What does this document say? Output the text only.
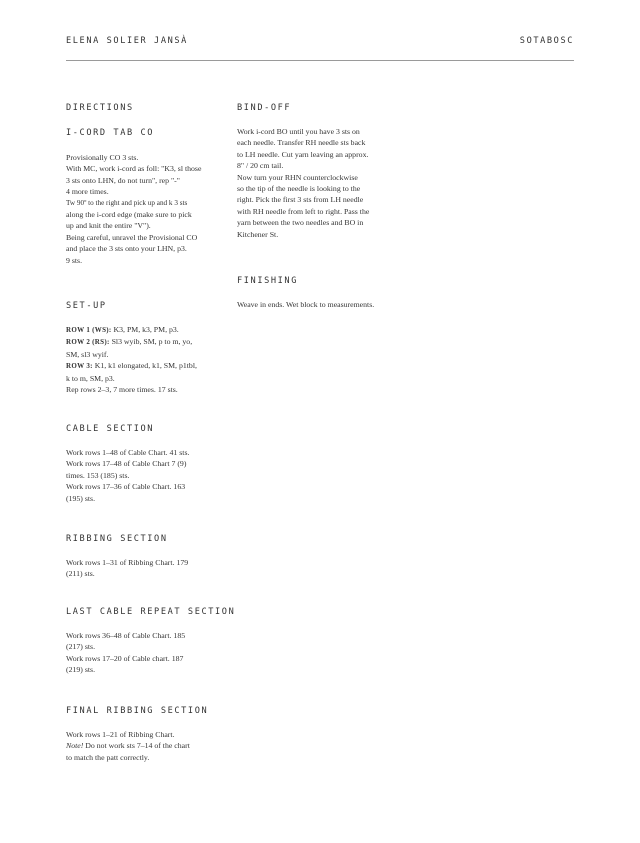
ELENA SOLIER JANSÀ	SOTABOSC
DIRECTIONS
I-CORD TAB CO
Provisionally CO 3 sts.
With MC, work i-cord as foll: "K3, sl those
3 sts onto LHN, do not turn", rep "-"
4 more times.
Tw 90º to the right and pick up and k 3 sts
along the i-cord edge (make sure to pick
up and knit the entire "V").
Being careful, unravel the Provisional CO
and place the 3 sts onto your LHN, p3.
9 sts.
SET-UP
ROW 1 (WS): K3, PM, k3, PM, p3.
ROW 2 (RS): Sl3 wyib, SM, p to m, yo,
SM, sl3 wyif.
ROW 3: K1, k1 elongated, k1, SM, p1tbl,
k to m, SM, p3.
Rep rows 2–3, 7 more times. 17 sts.
CABLE SECTION
Work rows 1–48 of Cable Chart. 41 sts.
Work rows 17–48 of Cable Chart 7 (9)
times. 153 (185) sts.
Work rows 17–36 of Cable Chart. 163
(195) sts.
RIBBING SECTION
Work rows 1–31 of Ribbing Chart. 179
(211) sts.
LAST CABLE REPEAT SECTION
Work rows 36–48 of Cable Chart. 185
(217) sts.
Work rows 17–20 of Cable chart. 187
(219) sts.
FINAL RIBBING SECTION
Work rows 1–21 of Ribbing Chart.
Note! Do not work sts 7–14 of the chart
to match the patt correctly.
BIND-OFF
Work i-cord BO until you have 3 sts on
each needle. Transfer RH needle sts back
to LH needle. Cut yarn leaving an approx.
8" / 20 cm tail.
Now turn your RHN counterclockwise
so the tip of the needle is looking to the
right. Pick the first 3 sts from LH needle
with RH needle from left to right. Pass the
yarn between the two needles and BO in
Kitchener St.
FINISHING
Weave in ends. Wet block to measurements.
